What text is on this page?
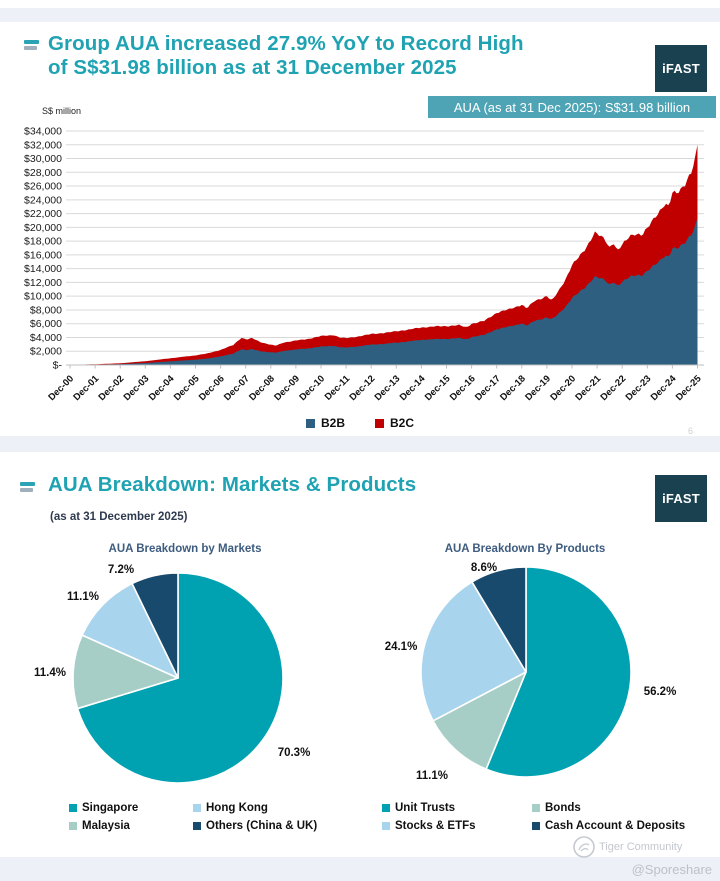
Group AUA increased 27.9% YoY to Record High
of S$31.98 billion as at 31 December 2025	iFAST
AUA (as at 31 Dec 2025): S$31.98 billion
S$ million
$34,000
$32,000
$30,000
$28,000
$26,000
$24,000
$22,000
$20,000
$18,000
$16,000
$14,000
$12,000
$10,000
$8,000
$6,000
$4,000
$2,000
$-
Dec-00
Dec-01
Dec-02
Dec-03
Dec-04
Dec-05
Dec-06
Dec-07
Dec-08
Dec-09
Dec-10
Dec-11
Dec-12
Dec-13
Dec-14
Dec-15
Dec-16
Dec-17
Dec-18
Dec-19
Dec-20
Dec-21
Dec-22
Dec-23
Dec-24
Dec-25
B2B	B2C
6
AUA Breakdown: Markets & Products
(as at 31 December 2025)
iFAST
AUA Breakdown by Markets	AUA Breakdown By Products
70.3%
11.4%
11.1%
7.2%
56.2%
11.1%
24.1%
8.6%
Tiger Community
@Sporeshare
Singapore	Hong Kong
Malaysia	Others (China & UK)
Unit Trusts	Bonds
Stocks & ETFs	Cash Account & Deposits
